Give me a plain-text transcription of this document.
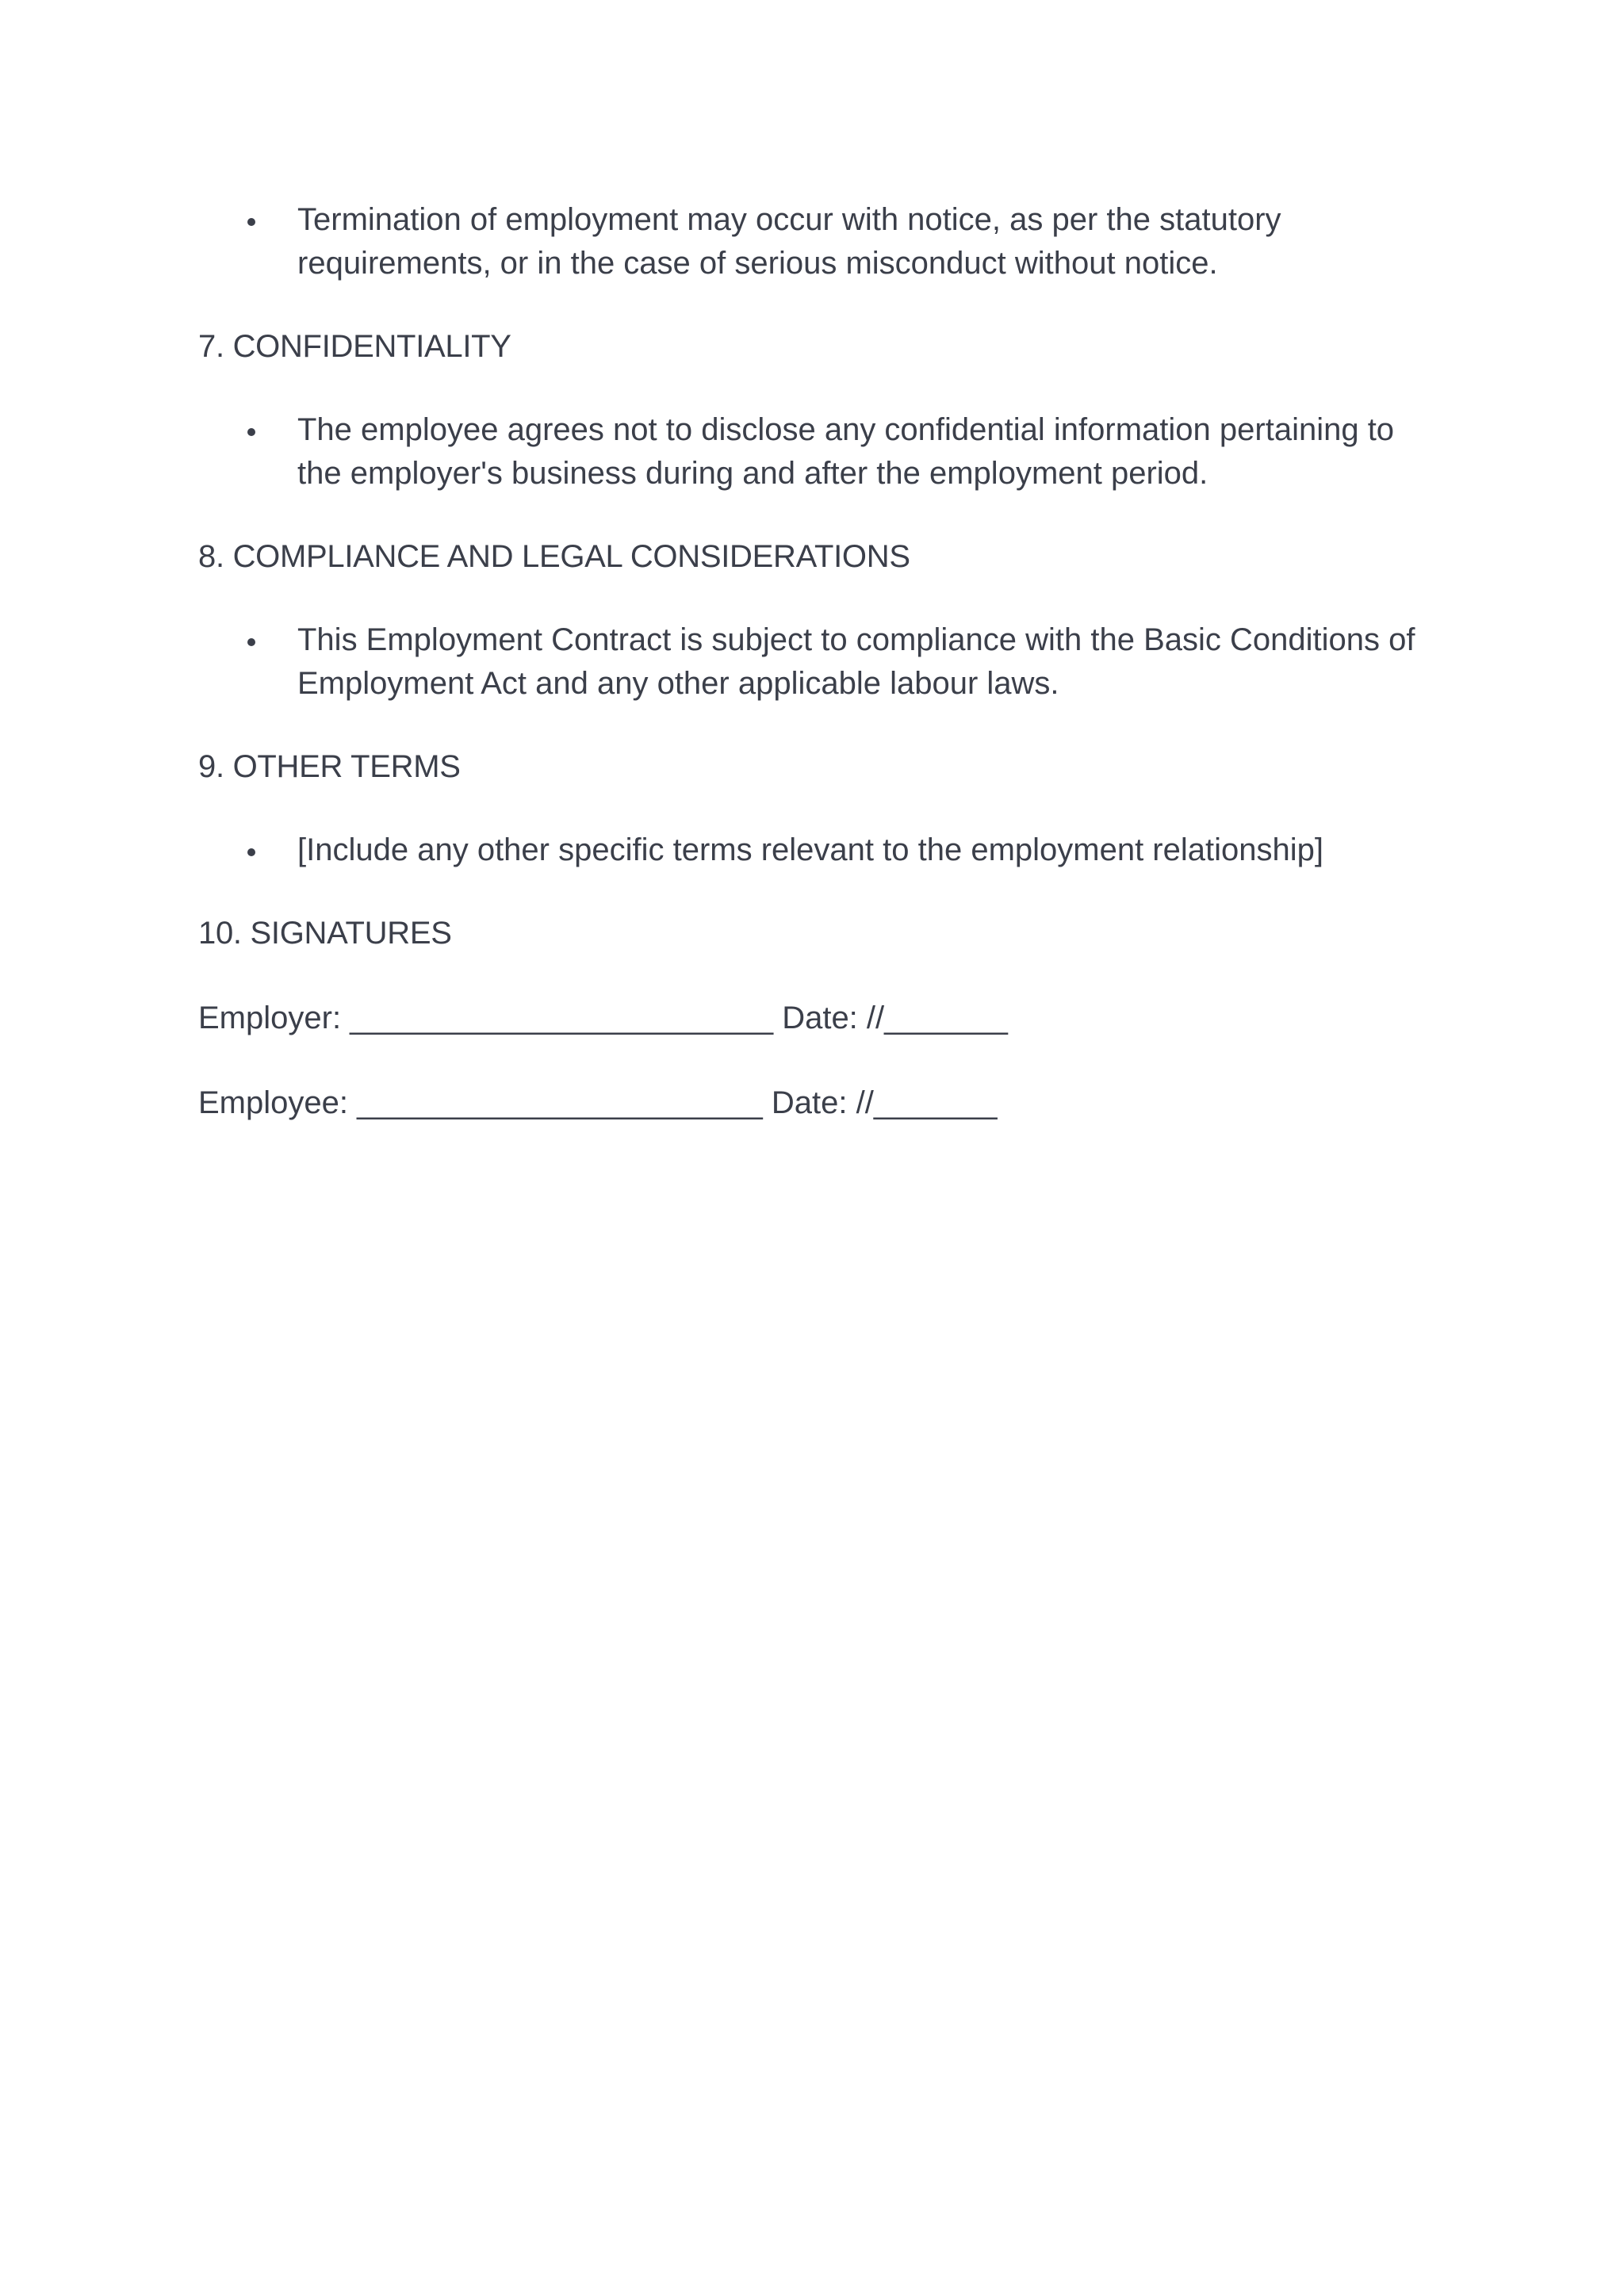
Termination of employment may occur with notice, as per the statutory requirements, or in the case of serious misconduct without notice.

7. CONFIDENTIALITY

The employee agrees not to disclose any confidential information pertaining to the employer's business during and after the employment period.

8. COMPLIANCE AND LEGAL CONSIDERATIONS

This Employment Contract is subject to compliance with the Basic Conditions of Employment Act and any other applicable labour laws.

9. OTHER TERMS

[Include any other specific terms relevant to the employment relationship]

10. SIGNATURES

Employer: ________________________ Date: //_______

Employee: _______________________ Date: //_______
